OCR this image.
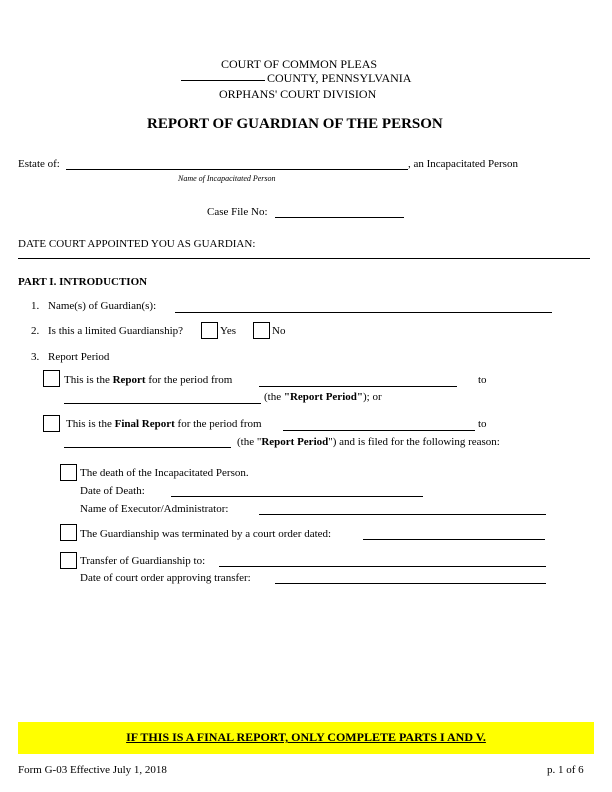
COURT OF COMMON PLEAS
COUNTY, PENNSYLVANIA
ORPHANS' COURT DIVISION
REPORT OF GUARDIAN OF THE PERSON
Estate of:	, an Incapacitated Person
Name of Incapacitated Person
Case File No:
DATE COURT APPOINTED YOU AS GUARDIAN:
PART I. INTRODUCTION
1. Name(s) of Guardian(s):
2. Is this a limited Guardianship?	Yes	No
3. Report Period
This is the Report for the period from	to
(the "Report Period"); or
This is the Final Report for the period from	to
(the "Report Period") and is filed for the following reason:
The death of the Incapacitated Person.
Date of Death:
Name of Executor/Administrator:
The Guardianship was terminated by a court order dated:
Transfer of Guardianship to:
Date of court order approving transfer:
IF THIS IS A FINAL REPORT, ONLY COMPLETE PARTS I AND V.
Form G-03 Effective July 1, 2018	p. 1 of 6
